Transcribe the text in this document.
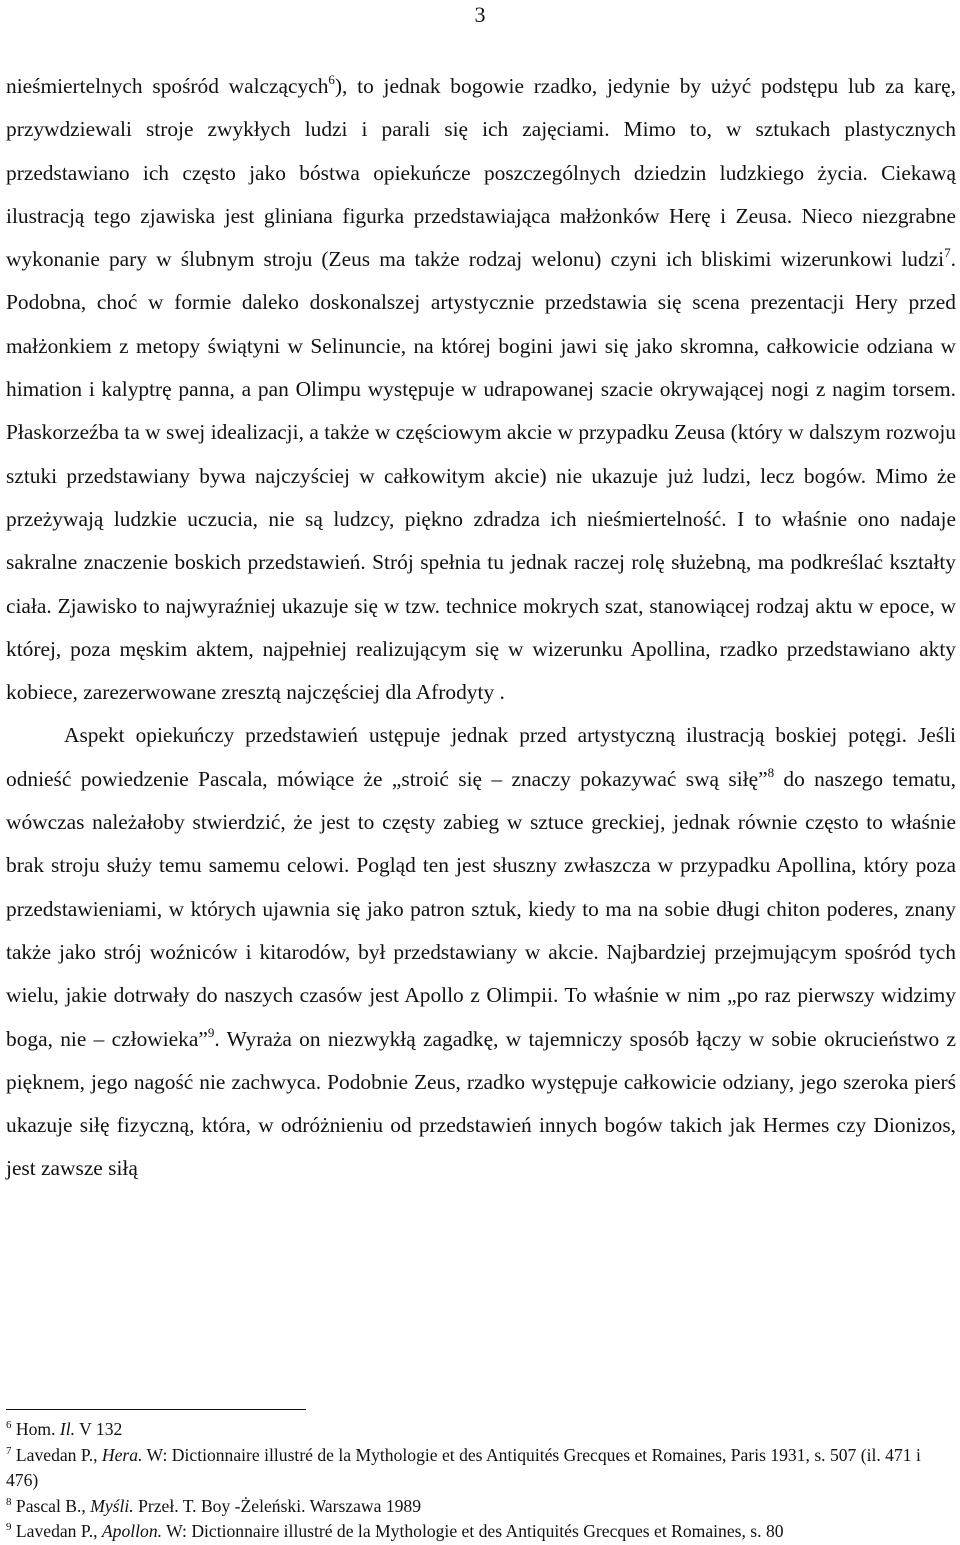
3

nieśmiertelnych spośród walczących$^6$), to jednak bogowie rzadko, jedynie by użyć podstępu lub za karę, przywdziewali stroje zwykłych ludzi i parali się ich zajęciami. Mimo to, w sztukach plastycznych przedstawiano ich często jako bóstwa opiekuńcze poszczególnych dziedzin ludzkiego życia. Ciekawą ilustracją tego zjawiska jest gliniana figurka przedstawiająca małżonków Herę i Zeusa. Nieco niezgrabne wykonanie pary w ślubnym stroju (Zeus ma także rodzaj welonu) czyni ich bliskimi wizerunkowi ludzi$^7$. Podobna, choć w formie daleko doskonalszej artystycznie przedstawia się scena prezentacji Hery przed małżonkiem z metopy świątyni w Selinuncie, na której bogini jawi się jako skromna, całkowicie odziana w himation i kalyptrę panna, a pan Olimpu występuje w udrapowanej szacie okrywającej nogi z nagim torsem. Płaskorzeźba ta w swej idealizacji, a także w częściowym akcie w przypadku Zeusa (który w dalszym rozwoju sztuki przedstawiany bywa najczyściej w całkowitym akcie) nie ukazuje już ludzi, lecz bogów. Mimo że przeżywają ludzkie uczucia, nie są ludzcy, piękno zdradza ich nieśmiertelność. I to właśnie ono nadaje sakralne znaczenie boskich przedstawień. Strój spełnia tu jednak raczej rolę służebną, ma podkreślać kształty ciała. Zjawisko to najwyraźniej ukazuje się w tzw. technice mokrych szat, stanowiącej rodzaj aktu w epoce, w której, poza męskim aktem, najpełniej realizującym się w wizerunku Apollina, rzadko przedstawiano akty kobiece, zarezerwowane zresztą najczęściej dla Afrodyty .

Aspekt opiekuńczy przedstawień ustępuje jednak przed artystyczną ilustracją boskiej potęgi. Jeśli odnieść powiedzenie Pascala, mówiące że „stroić się – znaczy pokazywać swą siłę”$^8$ do naszego tematu, wówczas należałoby stwierdzić, że jest to częsty zabieg w sztuce greckiej, jednak równie często to właśnie brak stroju służy temu samemu celowi. Pogląd ten jest słuszny zwłaszcza w przypadku Apollina, który poza przedstawieniami, w których ujawnia się jako patron sztuk, kiedy to ma na sobie długi chiton poderes, znany także jako strój woźniców i kitarodów, był przedstawiany w akcie. Najbardziej przejmującym spośród tych wielu, jakie dotrwały do naszych czasów jest Apollo z Olimpii. To właśnie w nim „po raz pierwszy widzimy boga, nie – człowieka”$^9$. Wyraża on niezwykłą zagadkę, w tajemniczy sposób łączy w sobie okrucieństwo z pięknem, jego nagość nie zachwyca. Podobnie Zeus, rzadko występuje całkowicie odziany, jego szeroka pierś ukazuje siłę fizyczną, która, w odróżnieniu od przedstawień innych bogów takich jak Hermes czy Dionizos, jest zawsze siłą

$^6$ Hom. Il. V 132

$^7$ Lavedan P., Hera. W: Dictionnaire illustré de la Mythologie et des Antiquités Grecques et Romaines, Paris 1931, s. 507 (il. 471 i 476)

$^8$ Pascal B., Myśli. Przeł. T. Boy -Żeleński. Warszawa 1989

$^9$ Lavedan P., Apollon. W: Dictionnaire illustré de la Mythologie et des Antiquités Grecques et Romaines, s. 80
